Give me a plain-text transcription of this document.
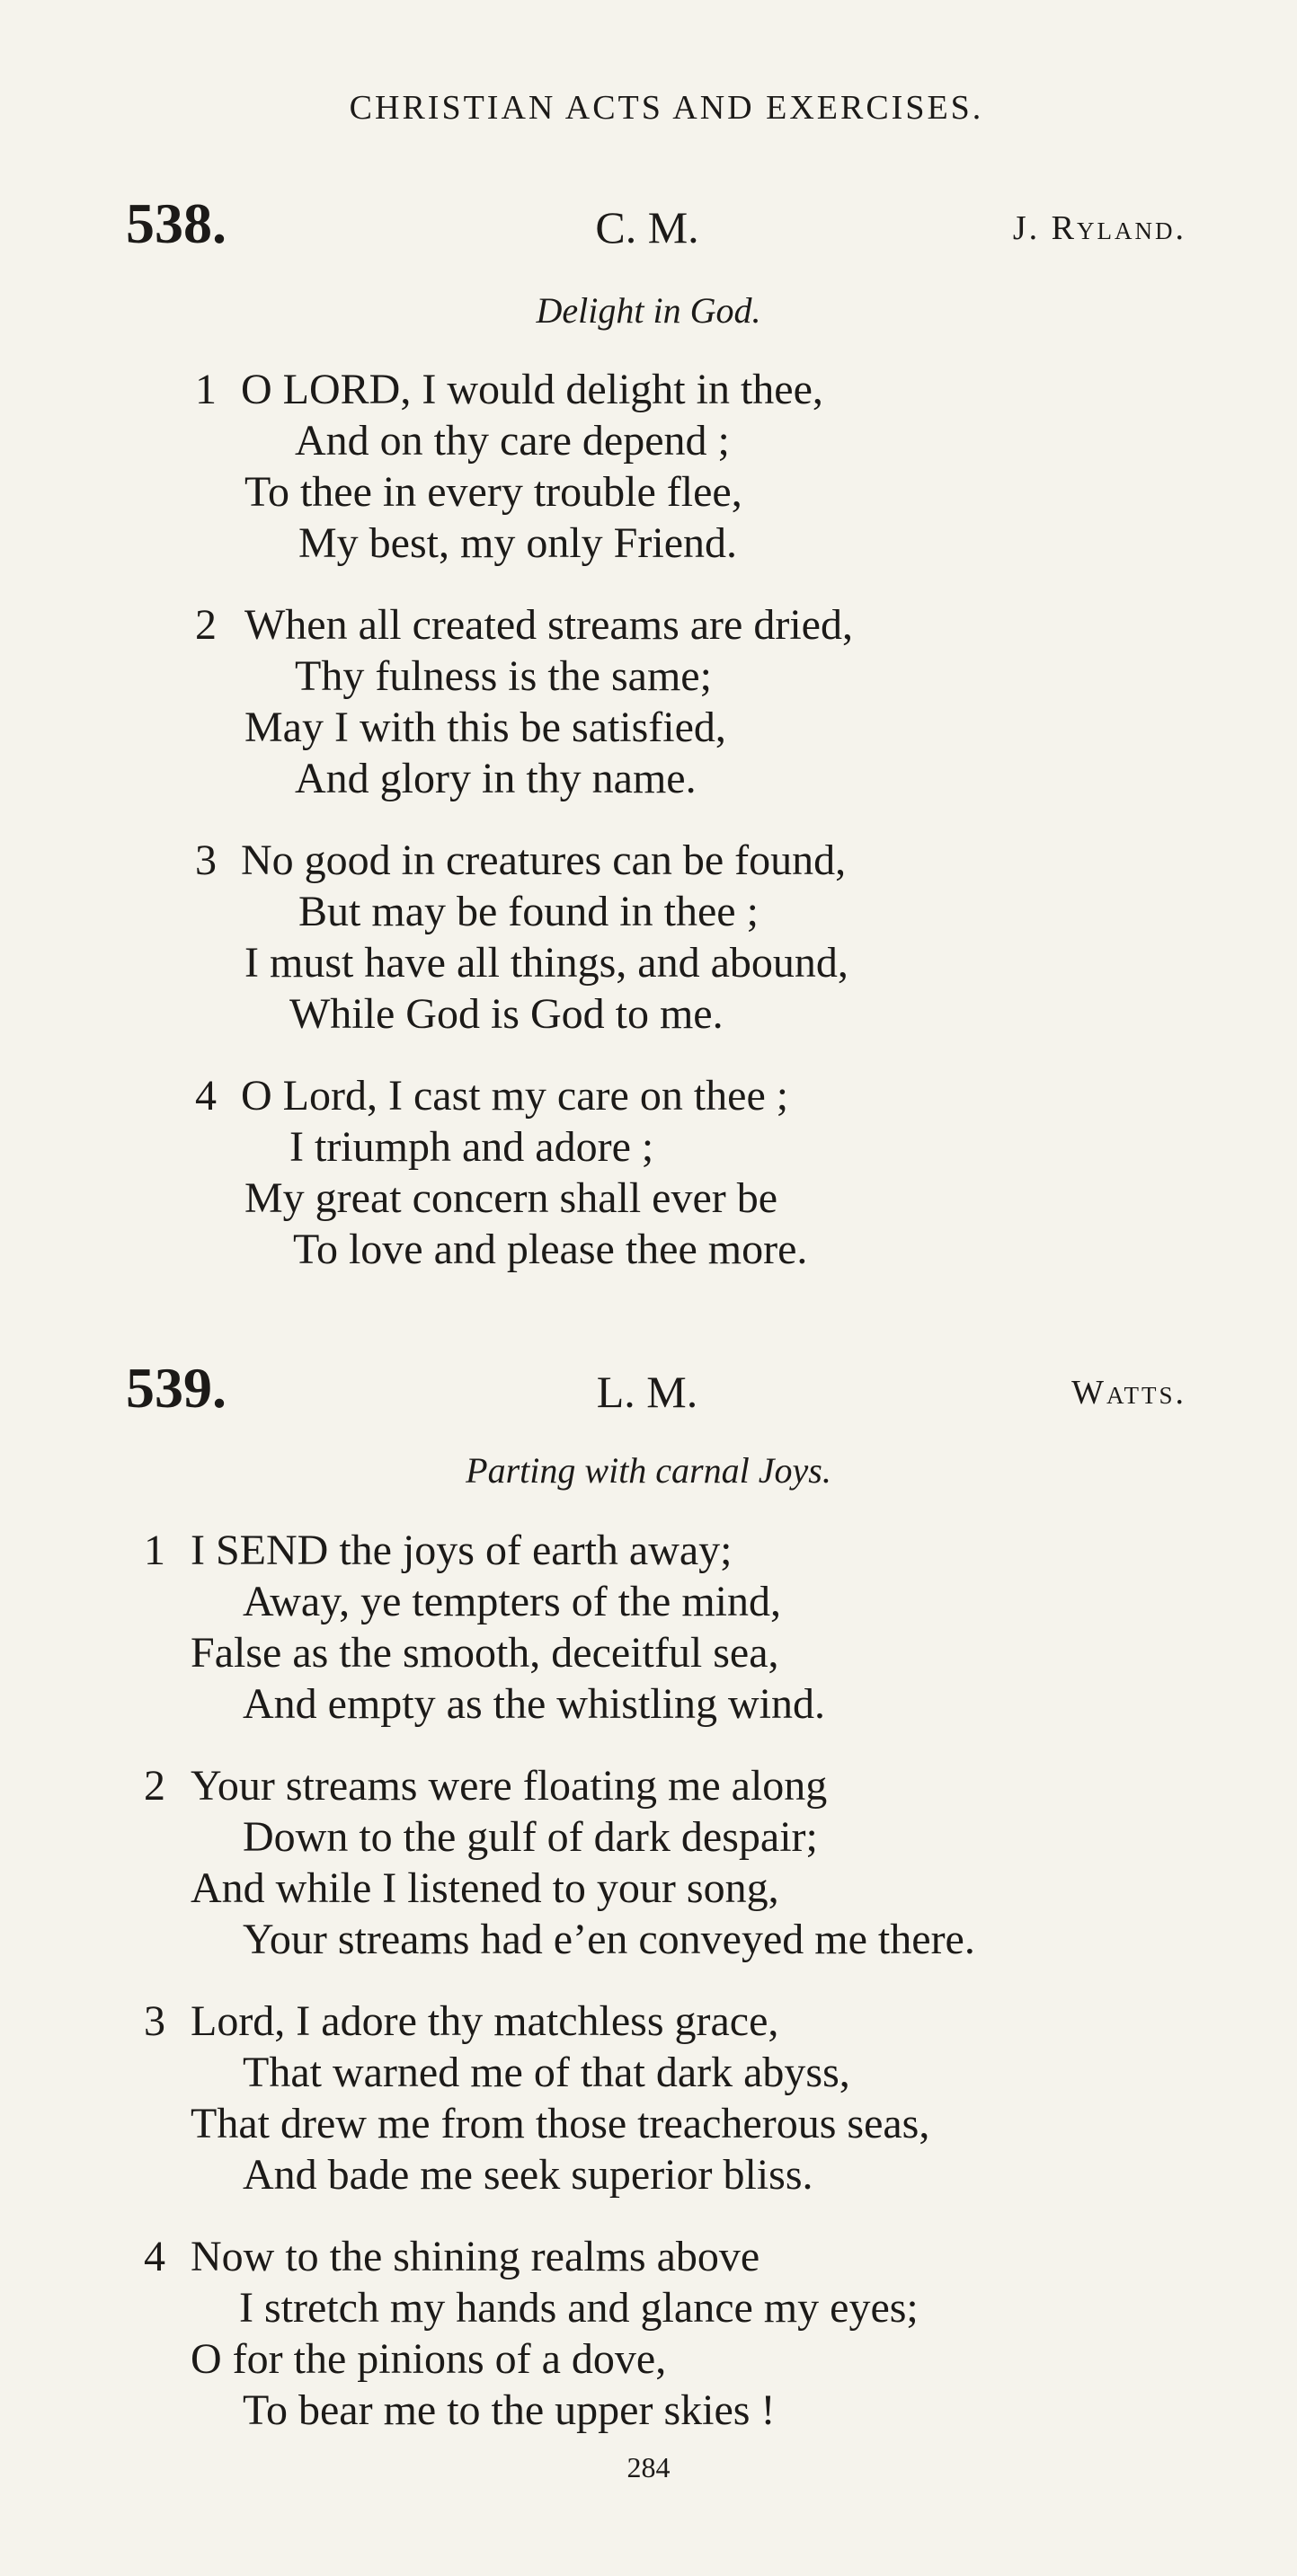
CHRISTIAN ACTS AND EXERCISES.
538.	C. M.	J. Ryland.
Delight in God.
1 O LORD, I would delight in thee,
And on thy care depend ;
To thee in every trouble flee,
My best, my only Friend.
2 When all created streams are dried,
Thy fulness is the same;
May I with this be satisfied,
And glory in thy name.
3 No good in creatures can be found,
But may be found in thee ;
I must have all things, and abound,
While God is God to me.
4 O Lord, I cast my care on thee ;
I triumph and adore ;
My great concern shall ever be
To love and please thee more.
539.	L. M.	Watts.
Parting with carnal Joys.
1 I SEND the joys of earth away;
Away, ye tempters of the mind,
False as the smooth, deceitful sea,
And empty as the whistling wind.
2 Your streams were floating me along
Down to the gulf of dark despair;
And while I listened to your song,
Your streams had e’en conveyed me there.
3 Lord, I adore thy matchless grace,
That warned me of that dark abyss,
That drew me from those treacherous seas,
And bade me seek superior bliss.
4 Now to the shining realms above
I stretch my hands and glance my eyes;
O for the pinions of a dove,
To bear me to the upper skies !
284
